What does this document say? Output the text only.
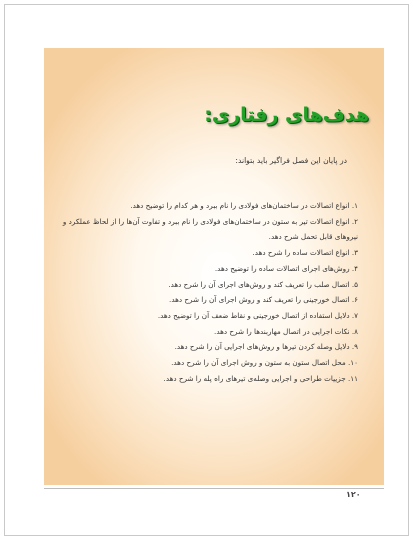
هدف‌های رفتاری:
در پایان این فصل فراگیر باید بتواند:
۱. انواع اتصالات در ساختمان‌های فولادی را نام ببرد و هر کدام را توضیح دهد.
۲. انواع اتصالات تیر به ستون در ساختمان‌های فولادی را نام ببرد و تفاوت آن‌ها را از لحاظ عملکرد و نیروهای قابل تحمل شرح دهد.
۳. انواع اتصالات ساده را شرح دهد.
۴. روش‌های اجرای اتصالات ساده را توضیح دهد.
۵. اتصال صلب را تعریف کند و روش‌های اجرای آن را شرح دهد.
۶. اتصال خورجینی را تعریف کند و روش اجرای آن را شرح دهد.
۷. دلایل استفاده از اتصال خورجینی و نقاط ضعف آن را توضیح دهد.
۸. نکات اجرایی در اتصال مهاربندها را شرح دهد.
۹. دلایل وصله کردن تیرها و روش‌های اجرایی آن را شرح دهد.
۱۰. محل اتصال ستون به ستون و روش اجرای آن را شرح دهد.
۱۱. جزییات طراحی و اجرایی وصله‌ی تیرهای راه پله را شرح دهد.
۱۲۰
